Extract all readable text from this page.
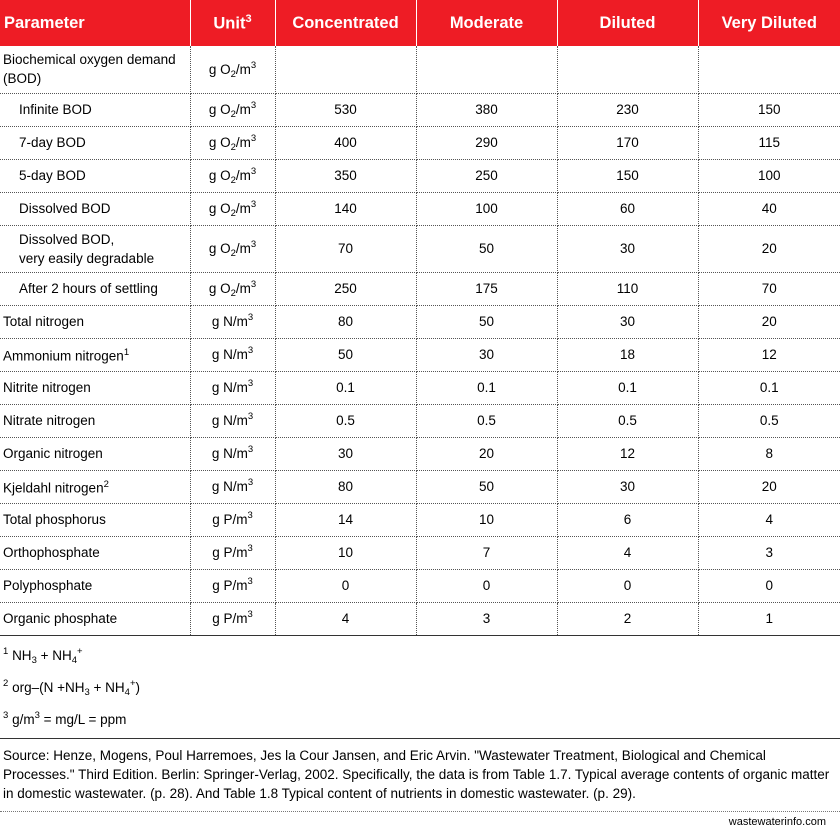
Parameter	Unit$^3$	Concentrated	Moderate	Diluted	Very Diluted
Biochemical oxygen demand (BOD)	g $O_2/m^3$				
Infinite BOD	g $O_2/m^3$	530	380	230	150
7-day BOD	g $O_2/m^3$	400	290	170	115
5-day BOD	g $O_2/m^3$	350	250	150	100
Dissolved BOD	g $O_2/m^3$	140	100	60	40
Dissolved BOD,
very easily degradable	g $O_2/m^3$	70	50	30	20
After 2 hours of settling	g $O_2/m^3$	250	175	110	70
Total nitrogen	g $N/m^3$	80	50	30	20
Ammonium nitrogen$^1$	g $N/m^3$	50	30	18	12
Nitrite nitrogen	g $N/m^3$	0.1	0.1	0.1	0.1
Nitrate nitrogen	g $N/m^3$	0.5	0.5	0.5	0.5
Organic nitrogen	g $N/m^3$	30	20	12	8
Kjeldahl nitrogen$^2$	g $N/m^3$	80	50	30	20
Total phosphorus	g $P/m^3$	14	10	6	4
Orthophosphate	g $P/m^3$	10	7	4	3
Polyphosphate	g $P/m^3$	0	0	0	0
Organic phosphate	g $P/m^3$	4	3	2	1
$^1$ $NH_3 + NH_4^+$
$^2$ $org-(N +NH_3 + NH_4^+)$
$^3$ $g/m^3 = mg/L$ = ppm
Source: Henze, Mogens, Poul Harremoes, Jes la Cour Jansen, and Eric Arvin. "Wastewater Treatment, Biological and Chemical Processes." Third Edition. Berlin: Springer-Verlag, 2002. Specifically, the data is from Table 1.7. Typical average contents of organic matter in domestic wastewater. (p. 28). And Table 1.8 Typical content of nutrients in domestic wastewater. (p. 29).
wastewaterinfo.com
